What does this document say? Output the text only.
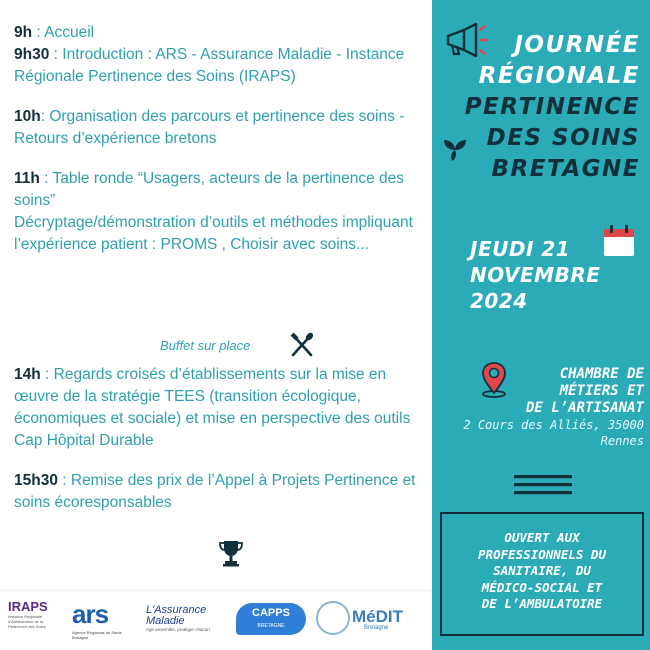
9h : Accueil

9h30 : Introduction : ARS - Assurance Maladie - Instance Régionale Pertinence des Soins (IRAPS)

10h: Organisation des parcours et pertinence des soins - Retours d’expérience bretons

11h : Table ronde “Usagers, acteurs de la pertinence des soins”

Décryptage/démonstration d’outils et méthodes impliquant l’expérience patient : PROMS , Choisir avec soins...

Buffet sur place

14h : Regards croisés d’établissements sur la mise en œuvre de la stratégie TEES (transition écologique, économiques et sociale) et mise en perspective des outils Cap Hôpital Durable

15h30 : Remise des prix de l’Appel à Projets Pertinence et soins écoresponsables

IRAPS
Instance Régionale d'Amélioration de la Pertinence des Soins	ars
Agence Régionale de Santé Bretagne
L'Assurance Maladie
Agir ensemble, protéger chacun
CAPPS
BRETAGNE	MéDIT
Bretagne
JOURNÉE
RÉGIONALE
PERTINENCE
DES SOINS
BRETAGNE
JEUDI 21
NOVEMBRE
2024
CHAMBRE DE
MÉTIERS ET
DE L’ARTISANAT
2 Cours des Alliés, 35000
Rennes
OUVERT AUX
PROFESSIONNELS DU
SANITAIRE, DU
MÉDICO-SOCIAL ET
DE L’AMBULATOIRE
